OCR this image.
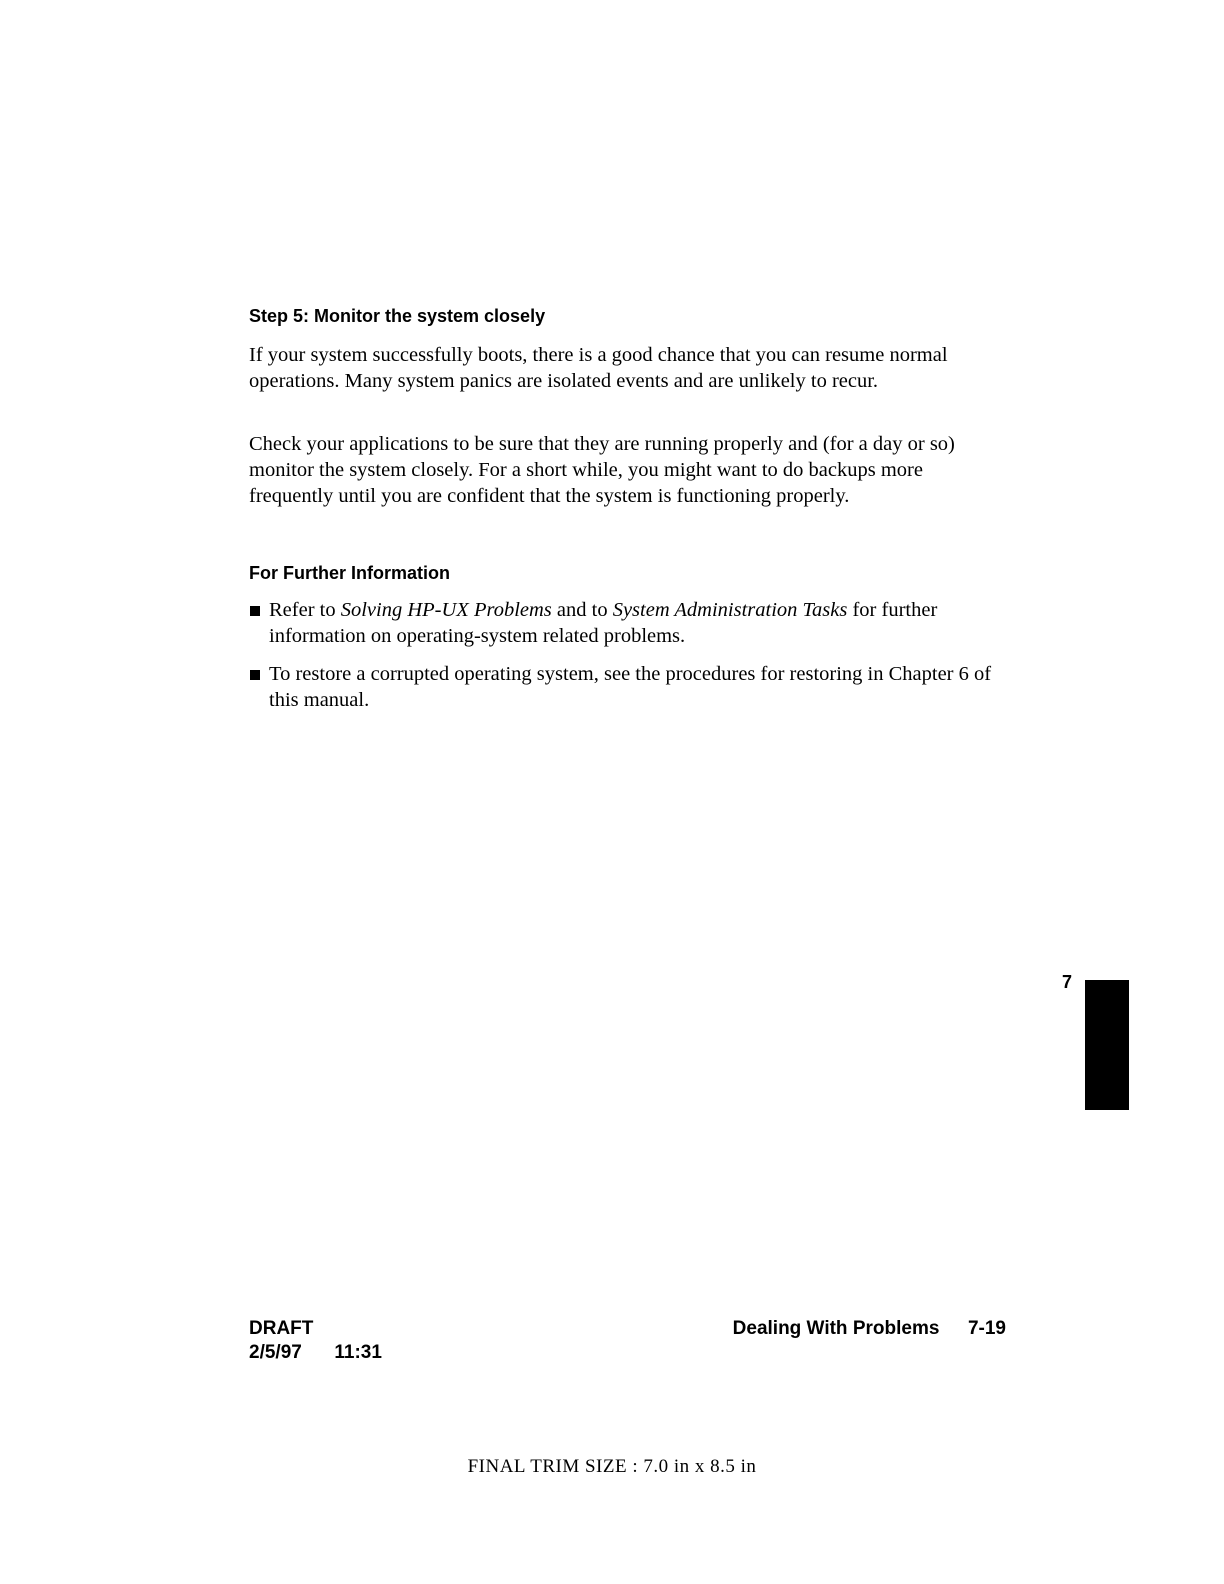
Step 5: Monitor the system closely

If your system successfully boots, there is a good chance that you can resume normal operations. Many system panics are isolated events and are unlikely to recur.

Check your applications to be sure that they are running properly and (for a day or so) monitor the system closely. For a short while, you might want to do backups more frequently until you are confident that the system is functioning properly.

For Further Information
Refer to Solving HP-UX Problems and to System Administration Tasks for further information on operating-system related problems.
To restore a corrupted operating system, see the procedures for restoring in Chapter 6 of this manual.
7
DRAFT
2/5/97 11:31
Dealing With Problems 7-19
FINAL TRIM SIZE : 7.0 in x 8.5 in
